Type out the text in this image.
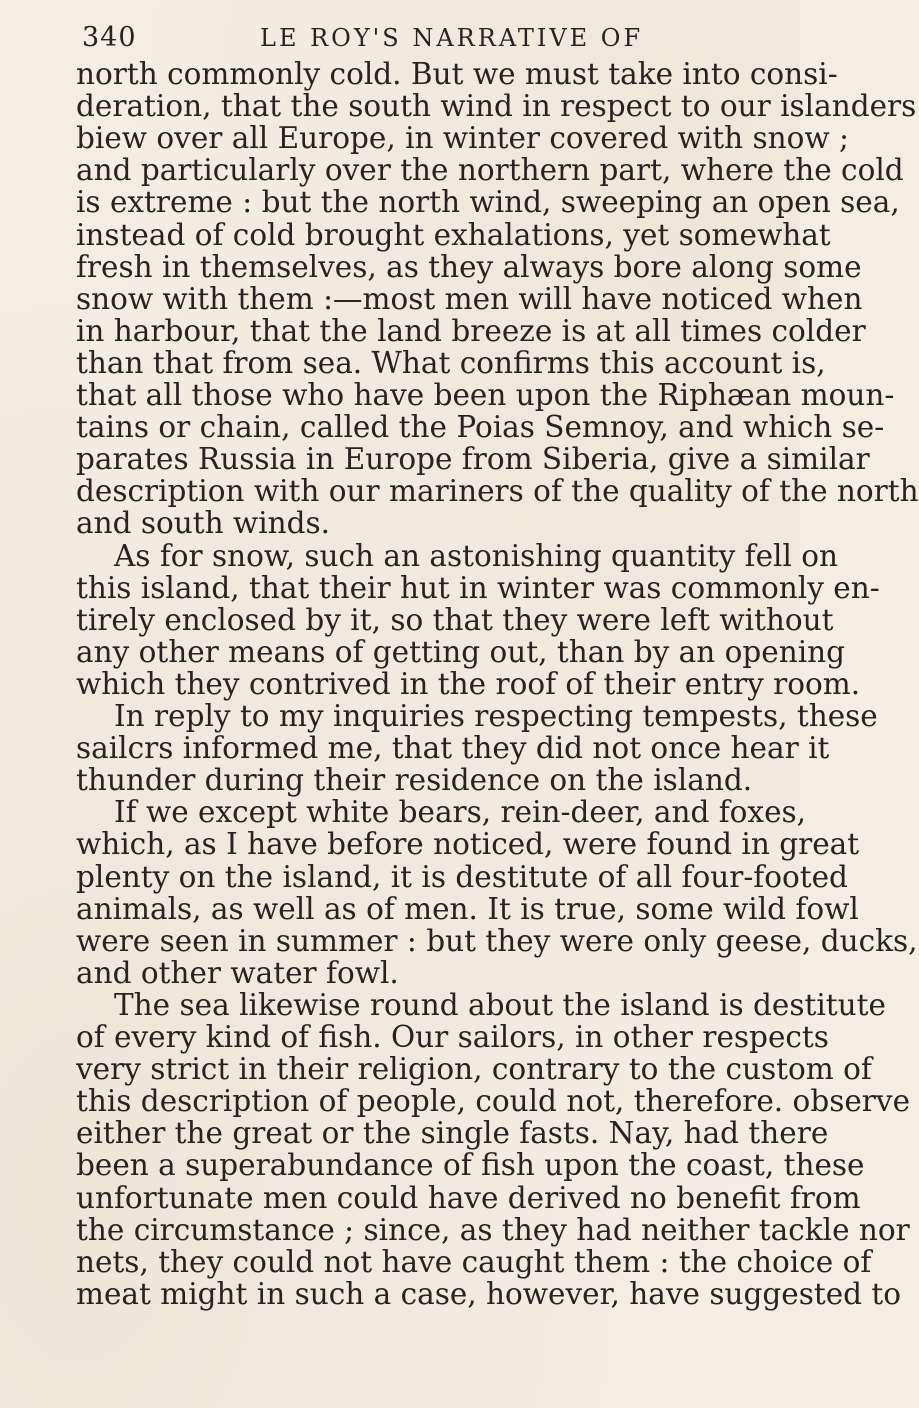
340	LE ROY'S NARRATIVE OF
north commonly cold. But we must take into consi-
deration, that the south wind in respect to our islanders
biew over all Europe, in winter covered with snow ;
and particularly over the northern part, where the cold
is extreme : but the north wind, sweeping an open sea,
instead of cold brought exhalations, yet somewhat
fresh in themselves, as they always bore along some
snow with them :—most men will have noticed when
in harbour, that the land breeze is at all times colder
than that from sea. What confirms this account is,
that all those who have been upon the Riphæan moun-
tains or chain, called the Poias Semnoy, and which se-
parates Russia in Europe from Siberia, give a similar
description with our mariners of the quality of the north
and south winds.
As for snow, such an astonishing quantity fell on
this island, that their hut in winter was commonly en-
tirely enclosed by it, so that they were left without
any other means of getting out, than by an opening
which they contrived in the roof of their entry room.
In reply to my inquiries respecting tempests, these
sailcrs informed me, that they did not once hear it
thunder during their residence on the island.
If we except white bears, rein-deer, and foxes,
which, as I have before noticed, were found in great
plenty on the island, it is destitute of all four-footed
animals, as well as of men. It is true, some wild fowl
were seen in summer : but they were only geese, ducks,
and other water fowl.
The sea likewise round about the island is destitute
of every kind of fish. Our sailors, in other respects
very strict in their religion, contrary to the custom of
this description of people, could not, therefore. observe
either the great or the single fasts. Nay, had there
been a superabundance of fish upon the coast, these
unfortunate men could have derived no benefit from
the circumstance ; since, as they had neither tackle nor
nets, they could not have caught them : the choice of
meat might in such a case, however, have suggested to
